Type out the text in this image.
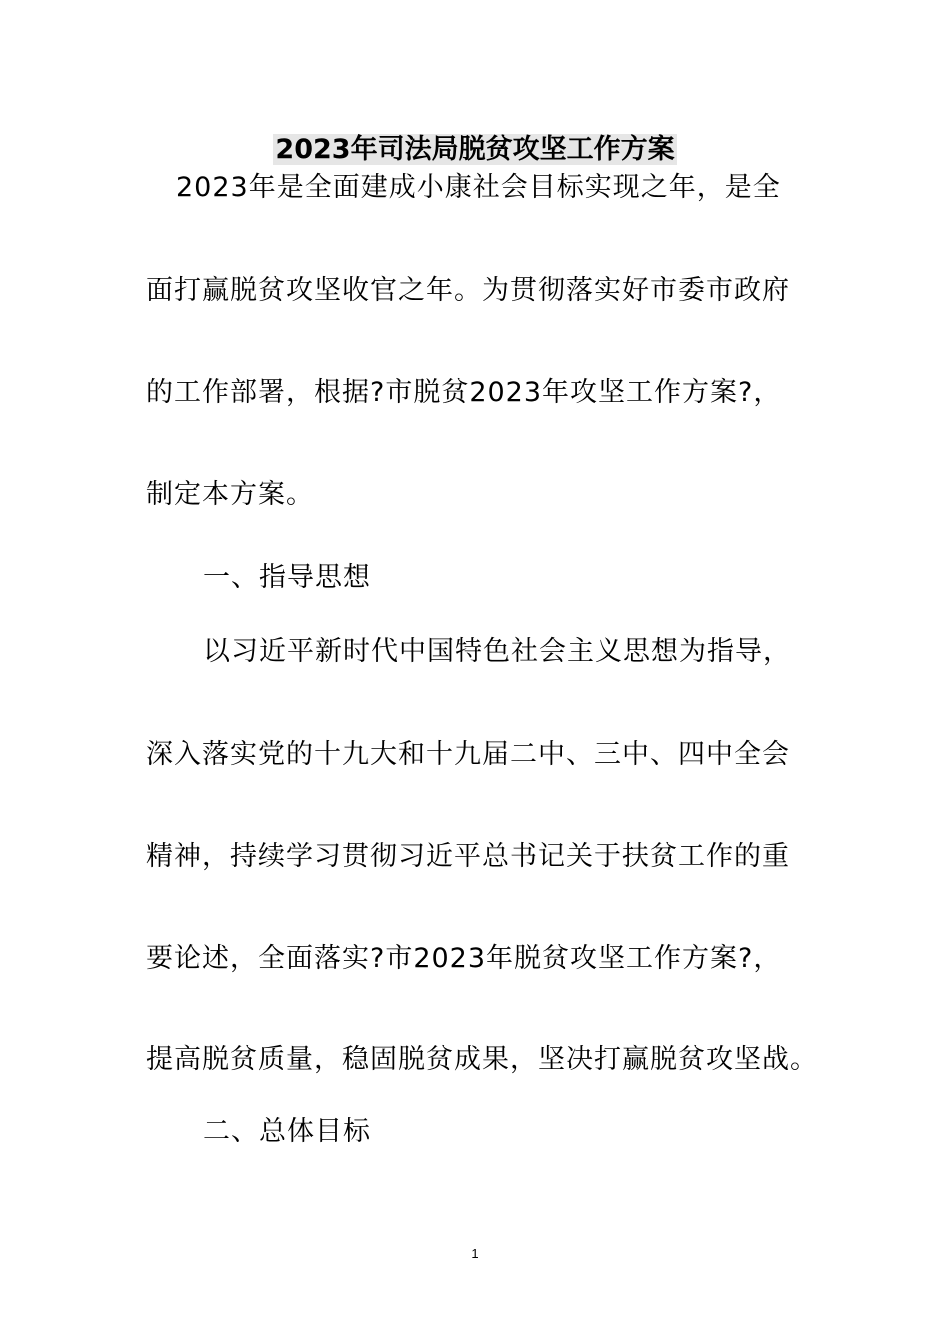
2023年司法局脱贫攻坚工作方案
2023年是全面建成小康社会目标实现之年，是全
面打赢脱贫攻坚收官之年。为贯彻落实好市委市政府
的工作部署，根据?市脱贫2023年攻坚工作方案?，
制定本方案。
一、指导思想
以习近平新时代中国特色社会主义思想为指导，
深入落实党的十九大和十九届二中、三中、四中全会
精神，持续学习贯彻习近平总书记关于扶贫工作的重
要论述，全面落实?市2023年脱贫攻坚工作方案?，
提高脱贫质量，稳固脱贫成果，坚决打赢脱贫攻坚战。
二、总体目标
1
